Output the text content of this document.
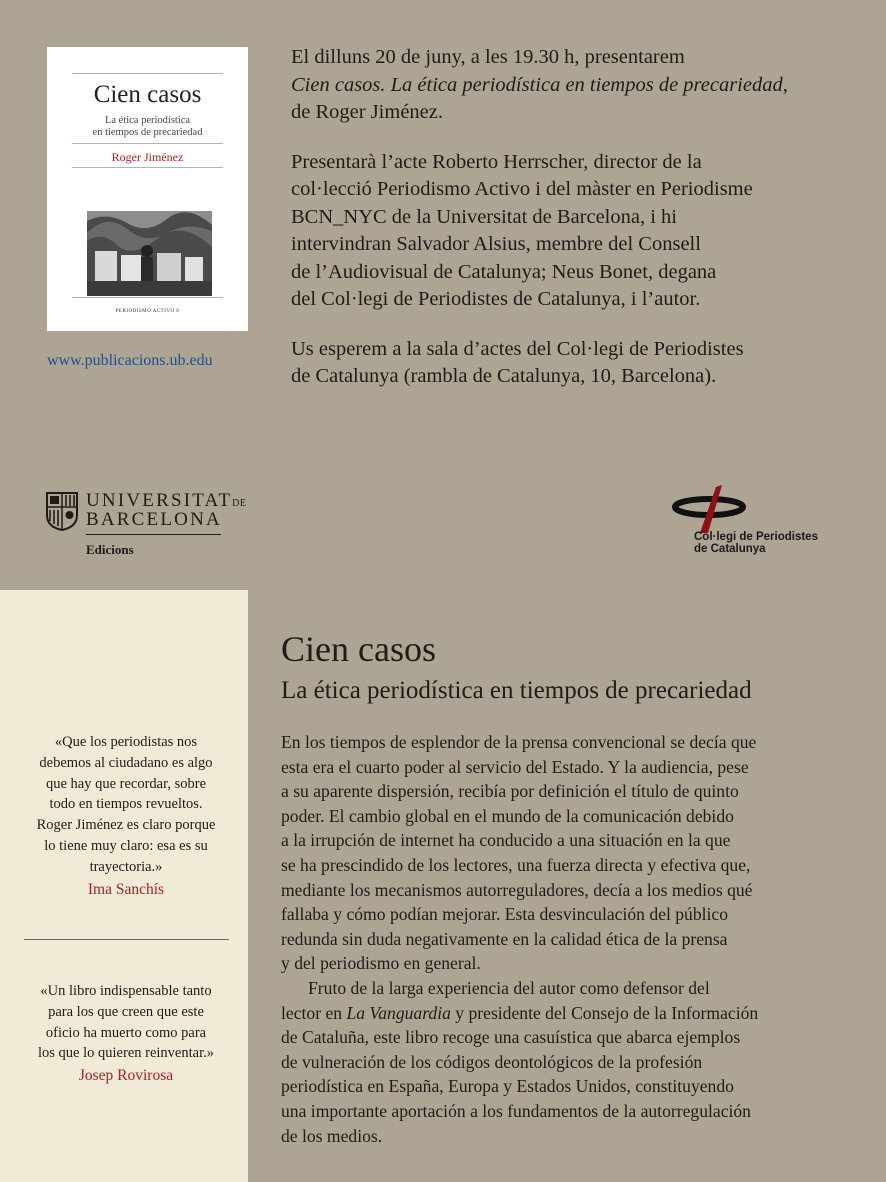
Cien casos
La ética periodística
en tiempos de precariedad
Roger Jiménez
PERIODISMO ACTIVO 8
www.publicacions.ub.edu

El dilluns 20 de juny, a les 19.30 h, presentarem
Cien casos. La ética periodística en tiempos de precariedad,
de Roger Jiménez.

Presentarà l’acte Roberto Herrscher, director de la
col·lecció Periodismo Activo i del màster en Periodisme
BCN_NYC de la Universitat de Barcelona, i hi
intervindran Salvador Alsius, membre del Consell
de l’Audiovisual de Catalunya; Neus Bonet, degana
del Col·legi de Periodistes de Catalunya, i l’autor.

Us esperem a la sala d’actes del Col·legi de Periodistes
de Catalunya (rambla de Catalunya, 10, Barcelona).

UNIVERSITATDE
BARCELONA
Edicions
Col·legi de Periodistes
de Catalunya
«Que los periodistas nos
debemos al ciudadano es algo
que hay que recordar, sobre
todo en tiempos revueltos.
Roger Jiménez es claro porque
lo tiene muy claro: esa es su
trayectoria.»
Ima Sanchís
«Un libro indispensable tanto
para los que creen que este
oficio ha muerto como para
los que lo quieren reinventar.»
Josep Rovirosa
Cien casos
La ética periodística en tiempos de precariedad
En los tiempos de esplendor de la prensa convencional se decía que
esta era el cuarto poder al servicio del Estado. Y la audiencia, pese
a su aparente dispersión, recibía por definición el título de quinto
poder. El cambio global en el mundo de la comunicación debido
a la irrupción de internet ha conducido a una situación en la que
se ha prescindido de los lectores, una fuerza directa y efectiva que,
mediante los mecanismos autorreguladores, decía a los medios qué
fallaba y cómo podían mejorar. Esta desvinculación del público
redunda sin duda negativamente en la calidad ética de la prensa
y del periodismo en general.
Fruto de la larga experiencia del autor como defensor del
lector en La Vanguardia y presidente del Consejo de la Información
de Cataluña, este libro recoge una casuística que abarca ejemplos
de vulneración de los códigos deontológicos de la profesión
periodística en España, Europa y Estados Unidos, constituyendo
una importante aportación a los fundamentos de la autorregulación
de los medios.
